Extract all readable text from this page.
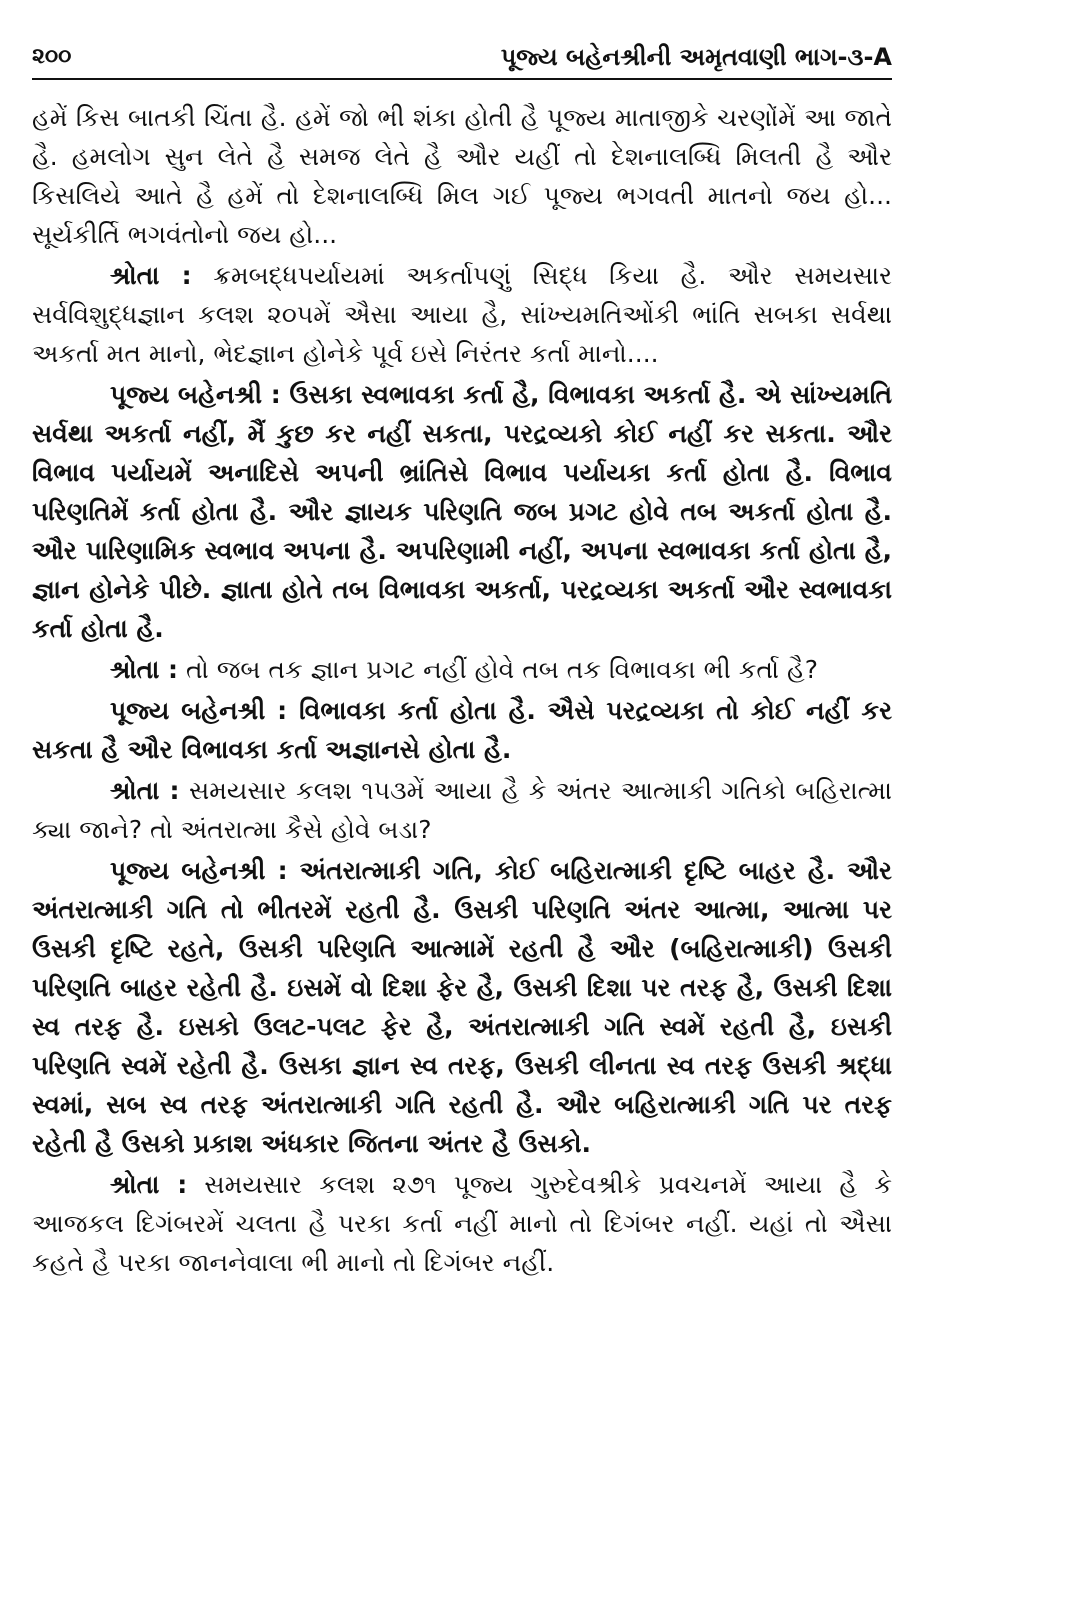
૨૦૦	પૂજ્ય બહેનશ્રીની અમૃતવાણી ભાગ-૩-A

હમેં કિસ બાતકી ચિંતા હૈ. હમેં જો ભી શંકા હોતી હૈ પૂજ્ય માતાજીકે ચરણોંમેં આ જાતે હૈ. હમલોગ સુન લેતે હૈ સમજ લેતે હૈ ઔર યહીં તો દેશનાલબ્ધિ મિલતી હૈ ઔર કિસલિયે આતે હૈ હમેં તો દેશનાલબ્ધિ મિલ ગઈ પૂજ્ય ભગવતી માતનો જય હો... સૂર્યકીર્તિ ભગવંતોનો જય હો...

શ્રોતા : ક્રમબદ્ધપર્યાયમાં અકર્તાપણું સિદ્ધ કિયા હૈ. ઔર સમયસાર સર્વવિશુદ્ધજ્ઞાન કલશ ૨૦૫મેં ઐસા આયા હૈ, સાંખ્યમતિઓંકી ભાંતિ સબકા સર્વથા અકર્તા મત માનો, ભેદજ્ઞાન હોનેકે પૂર્વ ઇસે નિરંતર કર્તા માનો....

પૂજ્ય બહેનશ્રી : ઉસકા સ્વભાવકા કર્તા હૈ, વિભાવકા અકર્તા હૈ. એ સાંખ્યમતિ સર્વથા અકર્તા નહીં, મૈં કુછ કર નહીં સકતા, પરદ્રવ્યકો કોઈ નહીં કર સકતા. ઔર વિભાવ પર્યાયમેં અનાદિસે અપની ભ્રાંતિસે વિભાવ પર્યાયકા કર્તા હોતા હૈ. વિભાવ પરિણતિમેં કર્તા હોતા હૈ. ઔર જ્ઞાયક પરિણતિ જબ પ્રગટ હોવે તબ અકર્તા હોતા હૈ. ઔર પારિણામિક સ્વભાવ અપના હૈ. અપરિણામી નહીં, અપના સ્વભાવકા કર્તા હોતા હૈ, જ્ઞાન હોનેકે પીછે. જ્ઞાતા હોતે તબ વિભાવકા અકર્તા, પરદ્રવ્યકા અકર્તા ઔર સ્વભાવકા કર્તા હોતા હૈ.

શ્રોતા : તો જબ તક જ્ઞાન પ્રગટ નહીં હોવે તબ તક વિભાવકા ભી કર્તા હૈ?

પૂજ્ય બહેનશ્રી : વિભાવકા કર્તા હોતા હૈ. ઐસે પરદ્રવ્યકા તો કોઈ નહીં કર સકતા હૈ ઔર વિભાવકા કર્તા અજ્ઞાનસે હોતા હૈ.

શ્રોતા : સમયસાર કલશ ૧૫૩મેં આયા હૈ કે અંતર આત્માકી ગતિકો બહિરાત્મા ક્યા જાને? તો અંતરાત્મા કૈસે હોવે બડા?

પૂજ્ય બહેનશ્રી : અંતરાત્માકી ગતિ, કોઈ બહિરાત્માકી દૃષ્ટિ બાહર હૈ. ઔર અંતરાત્માકી ગતિ તો ભીતરમેં રહતી હૈ. ઉસકી પરિણતિ અંતર આત્મા, આત્મા પર ઉસકી દૃષ્ટિ રહતે, ઉસકી પરિણતિ આત્મામેં રહતી હૈ ઔર (બહિરાત્માકી) ઉસકી પરિણતિ બાહર રહેતી હૈ. ઇસમેં વો દિશા ફેર હૈ, ઉસકી દિશા પર તરફ હૈ, ઉસકી દિશા સ્વ તરફ હૈ. ઇસકો ઉલટ-પલટ ફેર હૈ, અંતરાત્માકી ગતિ સ્વમેં રહતી હૈ, ઇસકી પરિણતિ સ્વમેં રહેતી હૈ. ઉસકા જ્ઞાન સ્વ તરફ, ઉસકી લીનતા સ્વ તરફ ઉસકી શ્રદ્ધા સ્વમાં, સબ સ્વ તરફ અંતરાત્માકી ગતિ રહતી હૈ. ઔર બહિરાત્માકી ગતિ પર તરફ રહેતી હૈ ઉસકો પ્રકાશ અંધકાર જિતના અંતર હૈ ઉસકો.

શ્રોતા : સમયસાર કલશ ૨૭૧ પૂજ્ય ગુરુદેવશ્રીકે પ્રવચનમેં આયા હૈ કે આજકલ દિગંબરમેં ચલતા હૈ પરકા કર્તા નહીં માનો તો દિગંબર નહીં. યહાં તો ઐસા કહતે હૈ પરકા જાનનેવાલા ભી માનો તો દિગંબર નહીં.
